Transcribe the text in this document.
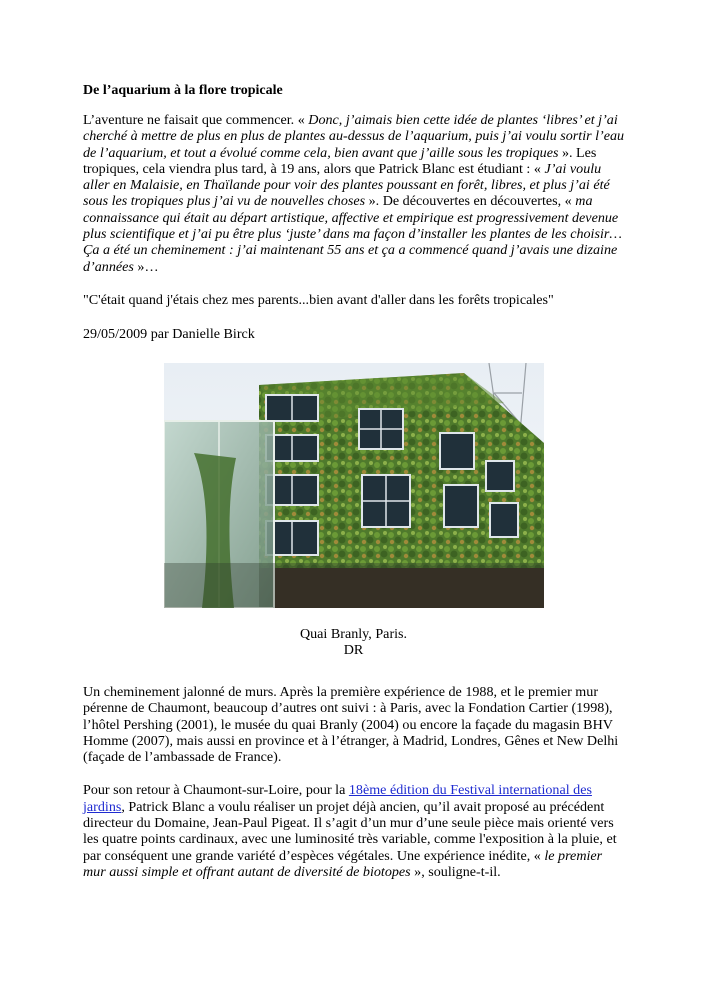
De l’aquarium à la flore tropicale

L’aventure ne faisait que commencer. « Donc, j’aimais bien cette idée de plantes ‘libres’ et j’ai cherché à mettre de plus en plus de plantes au-dessus de l’aquarium, puis j’ai voulu sortir l’eau de l’aquarium, et tout a évolué comme cela, bien avant que j’aille sous les tropiques ». Les tropiques, cela viendra plus tard, à 19 ans, alors que Patrick Blanc est étudiant : « J’ai voulu aller en Malaisie, en Thaïlande pour voir des plantes poussant en forêt, libres, et plus j’ai été sous les tropiques plus j’ai vu de nouvelles choses ». De découvertes en découvertes, « ma connaissance qui était au départ artistique, affective et empirique est progressivement devenue plus scientifique et j’ai pu être plus ‘juste’ dans ma façon d’installer les plantes de les choisir… Ça a été un cheminement : j’ai maintenant 55 ans et ça a commencé quand j’avais une dizaine d’années »…

"C'était quand j'étais chez mes parents...bien avant d'aller dans les forêts tropicales"

29/05/2009 par Danielle Birck

Quai Branly, Paris.
DR

Un cheminement jalonné de murs. Après la première expérience de 1988, et le premier mur pérenne de Chaumont, beaucoup d’autres ont suivi : à Paris, avec la Fondation Cartier (1998), l’hôtel Pershing (2001), le musée du quai Branly (2004) ou encore la façade du magasin BHV Homme (2007), mais aussi en province et à l’étranger, à Madrid, Londres, Gênes et New Delhi (façade de l’ambassade de France).

Pour son retour à Chaumont-sur-Loire, pour la 18ème édition du Festival international des jardins, Patrick Blanc a voulu réaliser un projet déjà ancien, qu’il avait proposé au précédent directeur du Domaine, Jean-Paul Pigeat. Il s’agit d’un mur d’une seule pièce mais orienté vers les quatre points cardinaux, avec une luminosité très variable, comme l'exposition à la pluie, et par conséquent une grande variété d’espèces végétales. Une expérience inédite, « le premier mur aussi simple et offrant autant de diversité de biotopes », souligne-t-il.
